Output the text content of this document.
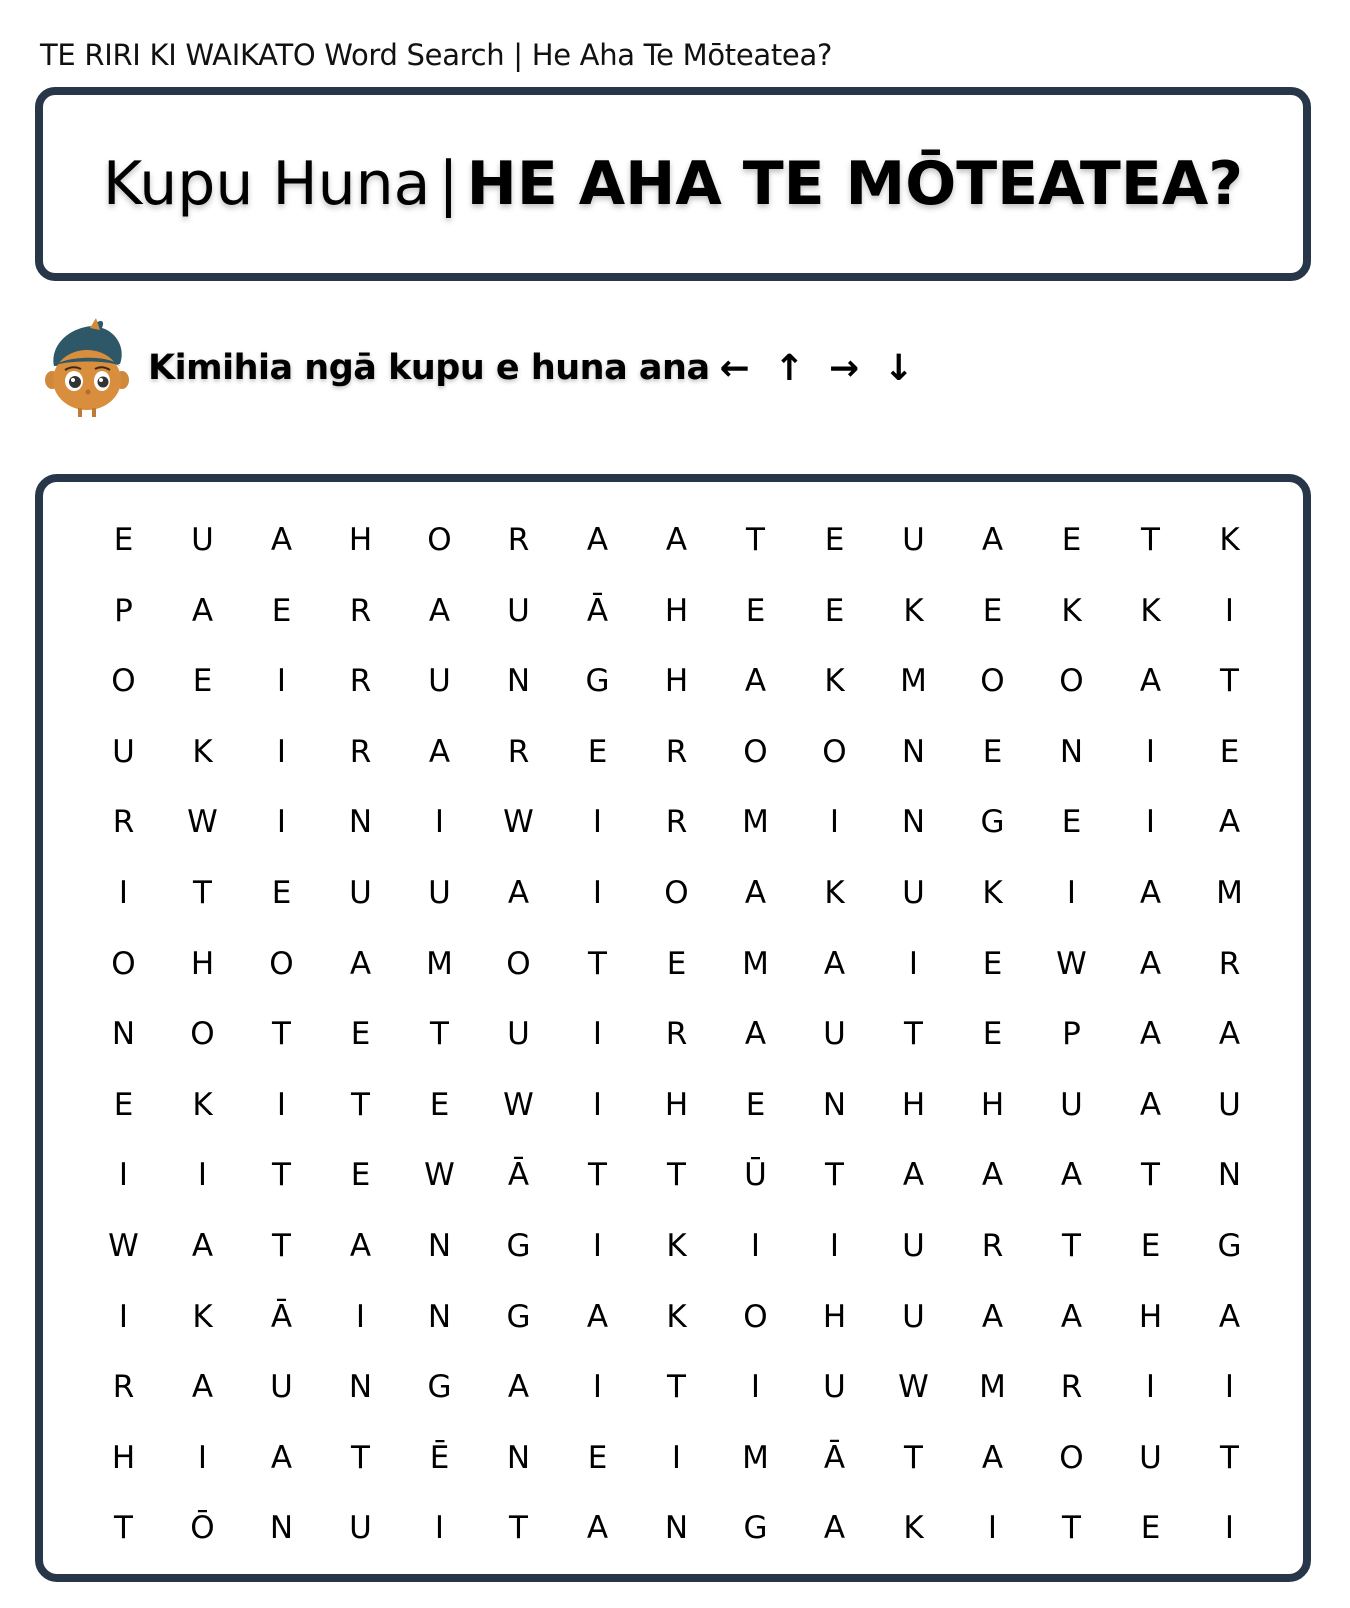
TE RIRI KI WAIKATO Word Search | He Aha Te Mōteatea?
Kupu Huna | HE AHA TE MŌTEATEA?
Kimihia ngā kupu e huna ana ← ↑ → ↓
E	U	A	H	O	R	A	A	T	E	U	A	E	T	K
P	A	E	R	A	U	Ā	H	E	E	K	E	K	K	I
O	E	I	R	U	N	G	H	A	K	M	O	O	A	T
U	K	I	R	A	R	E	R	O	O	N	E	N	I	E
R	W	I	N	I	W	I	R	M	I	N	G	E	I	A
I	T	E	U	U	A	I	O	A	K	U	K	I	A	M
O	H	O	A	M	O	T	E	M	A	I	E	W	A	R
N	O	T	E	T	U	I	R	A	U	T	E	P	A	A
E	K	I	T	E	W	I	H	E	N	H	H	U	A	U
I	I	T	E	W	Ā	T	T	Ū	T	A	A	A	T	N
W	A	T	A	N	G	I	K	I	I	U	R	T	E	G
I	K	Ā	I	N	G	A	K	O	H	U	A	A	H	A
R	A	U	N	G	A	I	T	I	U	W	M	R	I	I
H	I	A	T	Ē	N	E	I	M	Ā	T	A	O	U	T
T	Ō	N	U	I	T	A	N	G	A	K	I	T	E	I
